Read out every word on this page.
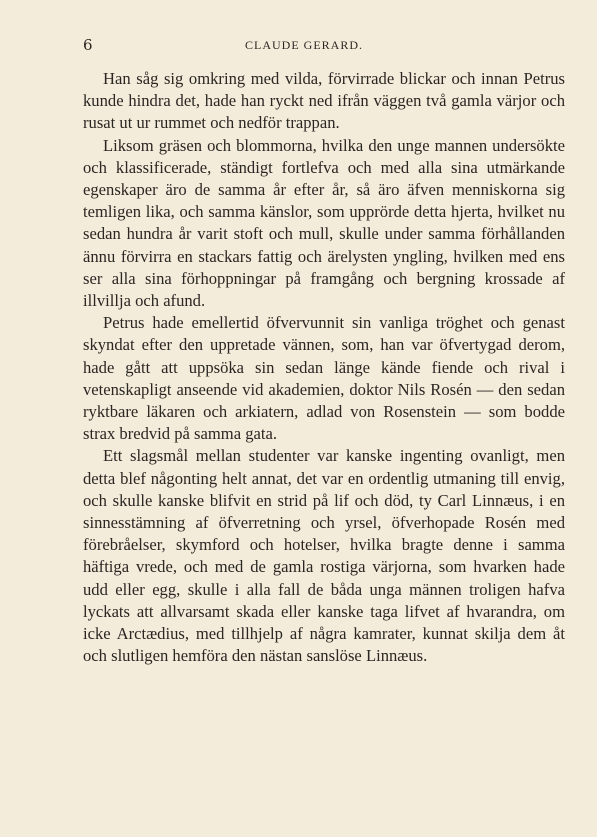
6	CLAUDE GERARD.

Han såg sig omkring med vilda, förvirrade blickar och innan Petrus kunde hindra det, hade han ryckt ned ifrån väggen två gamla värjor och rusat ut ur rummet och nedför trappan.

Liksom gräsen och blommorna, hvilka den unge mannen undersökte och klassificerade, ständigt fortlefva och med alla sina utmärkande egenskaper äro de samma år efter år, så äro äfven menniskorna sig temligen lika, och samma känslor, som upprörde detta hjerta, hvilket nu sedan hundra år varit stoft och mull, skulle under samma förhållanden ännu förvirra en stackars fattig och ärelysten yngling, hvilken med ens ser alla sina förhoppningar på framgång och bergning krossade af illvillja och afund.

Petrus hade emellertid öfvervunnit sin vanliga tröghet och genast skyndat efter den uppretade vännen, som, han var öfvertygad derom, hade gått att uppsöka sin sedan länge kände fiende och rival i vetenskapligt anseende vid akademien, doktor Nils Rosén — den sedan ryktbare läkaren och arkiatern, adlad von Rosenstein — som bodde strax bredvid på samma gata.

Ett slagsmål mellan studenter var kanske ingenting ovanligt, men detta blef någonting helt annat, det var en ordentlig utmaning till envig, och skulle kanske blifvit en strid på lif och död, ty Carl Linnæus, i en sinnesstämning af öfverretning och yrsel, öfverhopade Rosén med förebråelser, skymford och hotelser, hvilka bragte denne i samma häftiga vrede, och med de gamla rostiga värjorna, som hvarken hade udd eller egg, skulle i alla fall de båda unga männen troligen hafva lyckats att allvarsamt skada eller kanske taga lifvet af hvarandra, om icke Arctædius, med tillhjelp af några kamrater, kunnat skilja dem åt och slutligen hemföra den nästan sanslöse Linnæus.
